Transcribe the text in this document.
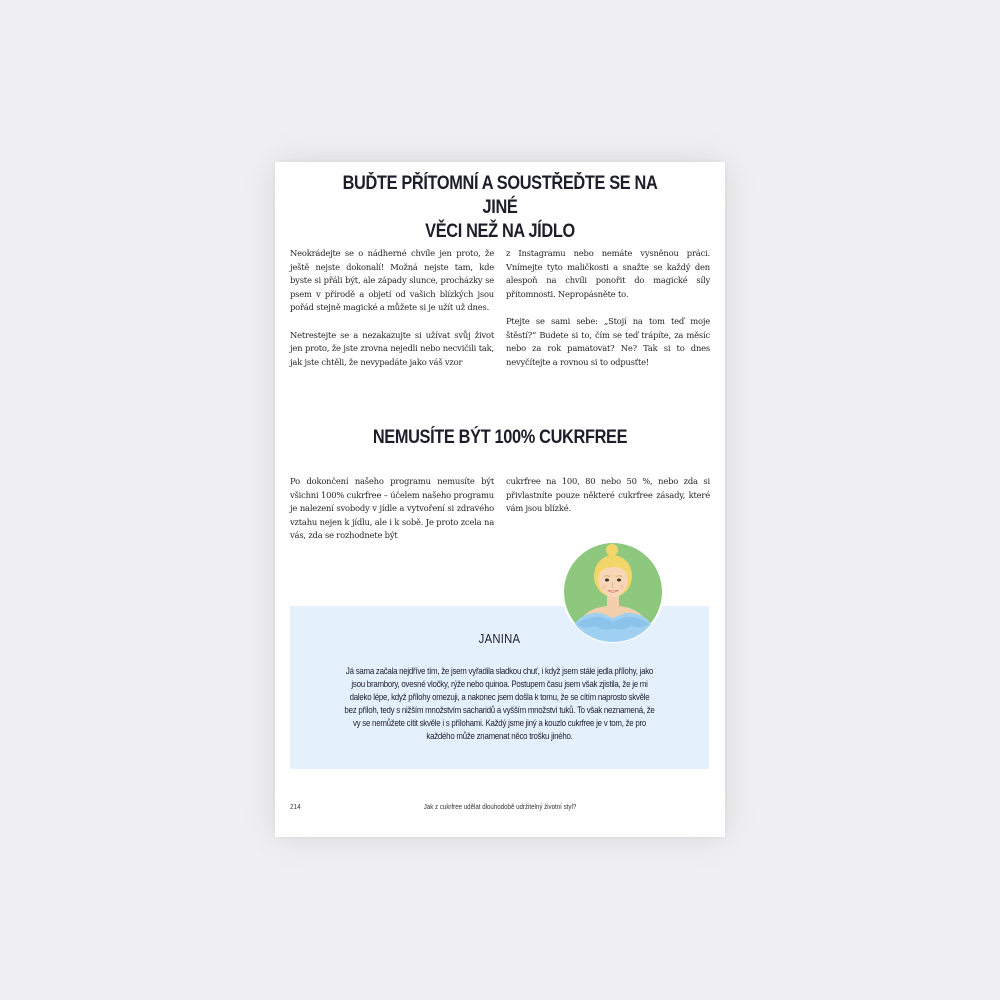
BUĎTE PŘÍTOMNÍ A SOUSTŘEĎTE SE NA JINÉ
VĚCI NEŽ NA JÍDLO

Neokrádejte se o nádherné chvíle jen proto, že ještě nejste dokonalí! Možná nejste tam, kde byste si přáli být, ale západy slunce, procházky se psem v přírodě a objetí od vašich blízkých jsou pořád stejně magické a můžete si je užít už dnes.

Netrestejte se a nezakazujte si užívat svůj život jen proto, že jste zrovna nejedli nebo necvičili tak, jak jste chtěli, že nevypadáte jako váš vzor

z Instagramu nebo nemáte vysněnou práci. Vnímejte tyto maličkosti a snažte se každý den alespoň na chvíli ponořit do magické síly přítomnosti. Nepropásněte to.

Ptejte se sami sebe: „Stojí na tom teď moje štěstí?“ Budete si to, čím se teď trápíte, za měsíc nebo za rok pamatovat? Ne? Tak si to dnes nevyčítejte a rovnou si to odpusťte!

NEMUSÍTE BÝT 100% CUKRFREE

Po dokončení našeho programu nemusíte být všichni 100% cukrfree – účelem našeho programu je nalezení svobody v jídle a vytvoření si zdravého vztahu nejen k jídlu, ale i k sobě. Je proto zcela na vás, zda se rozhodnete být

cukrfree na 100, 80 nebo 50 %, nebo zda si přivlastníte pouze některé cukrfree zásady, které vám jsou blízké.

JANINA
Já sama začala nejdříve tím, že jsem vyřadila sladkou chuť, i když jsem stále jedla přílohy, jako jsou brambory, ovesné vločky, rýže nebo quinoa. Postupem času jsem však zjistila, že je mi daleko lépe, když přílohy omezuji, a nakonec jsem došla k tomu, že se cítím naprosto skvěle bez příloh, tedy s nižším množstvím sacharidů a vyšším množství tuků. To však neznamená, že vy se nemůžete cítit skvěle i s přílohami. Každý jsme jiný a kouzlo cukrfree je v tom, že pro každého může znamenat něco trošku jiného.
214	Jak z cukrfree udělat dlouhodobě udržitelný životní styl?
